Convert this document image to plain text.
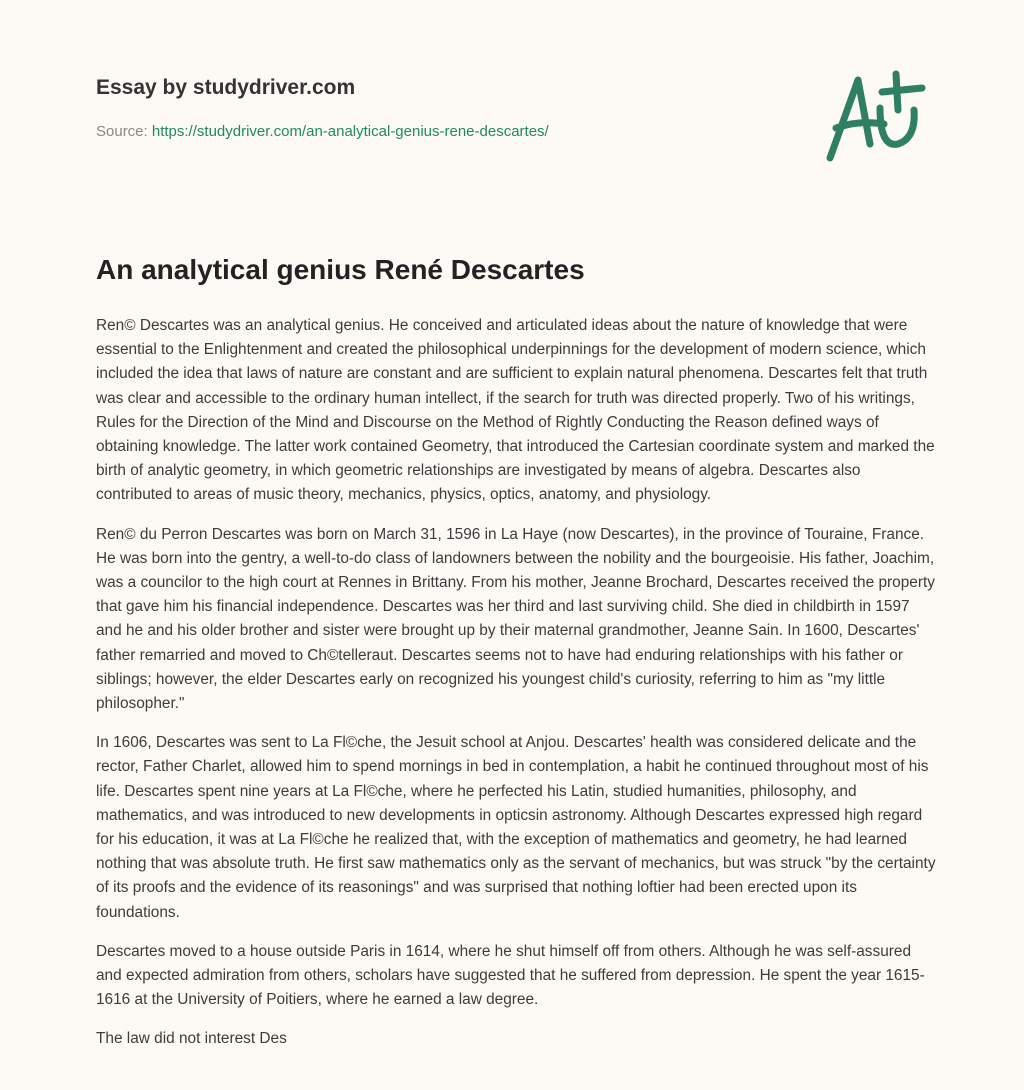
Essay by studydriver.com
Source: https://studydriver.com/an-analytical-genius-rene-descartes/
An analytical genius René Descartes

Ren© Descartes was an analytical genius. He conceived and articulated ideas about the nature of knowledge that were essential to the Enlightenment and created the philosophical underpinnings for the development of modern science, which included the idea that laws of nature are constant and are sufficient to explain natural phenomena. Descartes felt that truth was clear and accessible to the ordinary human intellect, if the search for truth was directed properly. Two of his writings, Rules for the Direction of the Mind and Discourse on the Method of Rightly Conducting the Reason defined ways of obtaining knowledge. The latter work contained Geometry, that introduced the Cartesian coordinate system and marked the birth of analytic geometry, in which geometric relationships are investigated by means of algebra. Descartes also contributed to areas of music theory, mechanics, physics, optics, anatomy, and physiology.

Ren© du Perron Descartes was born on March 31, 1596 in La Haye (now Descartes), in the province of Touraine, France. He was born into the gentry, a well-to-do class of landowners between the nobility and the bourgeoisie. His father, Joachim, was a councilor to the high court at Rennes in Brittany. From his mother, Jeanne Brochard, Descartes received the property that gave him his financial independence. Descartes was her third and last surviving child. She died in childbirth in 1597 and he and his older brother and sister were brought up by their maternal grandmother, Jeanne Sain. In 1600, Descartes' father remarried and moved to Ch©telleraut. Descartes seems not to have had enduring relationships with his father or siblings; however, the elder Descartes early on recognized his youngest child's curiosity, referring to him as "my little philosopher."

In 1606, Descartes was sent to La Fl©che, the Jesuit school at Anjou. Descartes' health was considered delicate and the rector, Father Charlet, allowed him to spend mornings in bed in contemplation, a habit he continued throughout most of his life. Descartes spent nine years at La Fl©che, where he perfected his Latin, studied humanities, philosophy, and mathematics, and was introduced to new developments in opticsin astronomy. Although Descartes expressed high regard for his education, it was at La Fl©che he realized that, with the exception of mathematics and geometry, he had learned nothing that was absolute truth. He first saw mathematics only as the servant of mechanics, but was struck "by the certainty of its proofs and the evidence of its reasonings" and was surprised that nothing loftier had been erected upon its foundations.

Descartes moved to a house outside Paris in 1614, where he shut himself off from others. Although he was self-assured and expected admiration from others, scholars have suggested that he suffered from depression. He spent the year 1615-1616 at the University of Poitiers, where he earned a law degree.

The law did not interest Des
